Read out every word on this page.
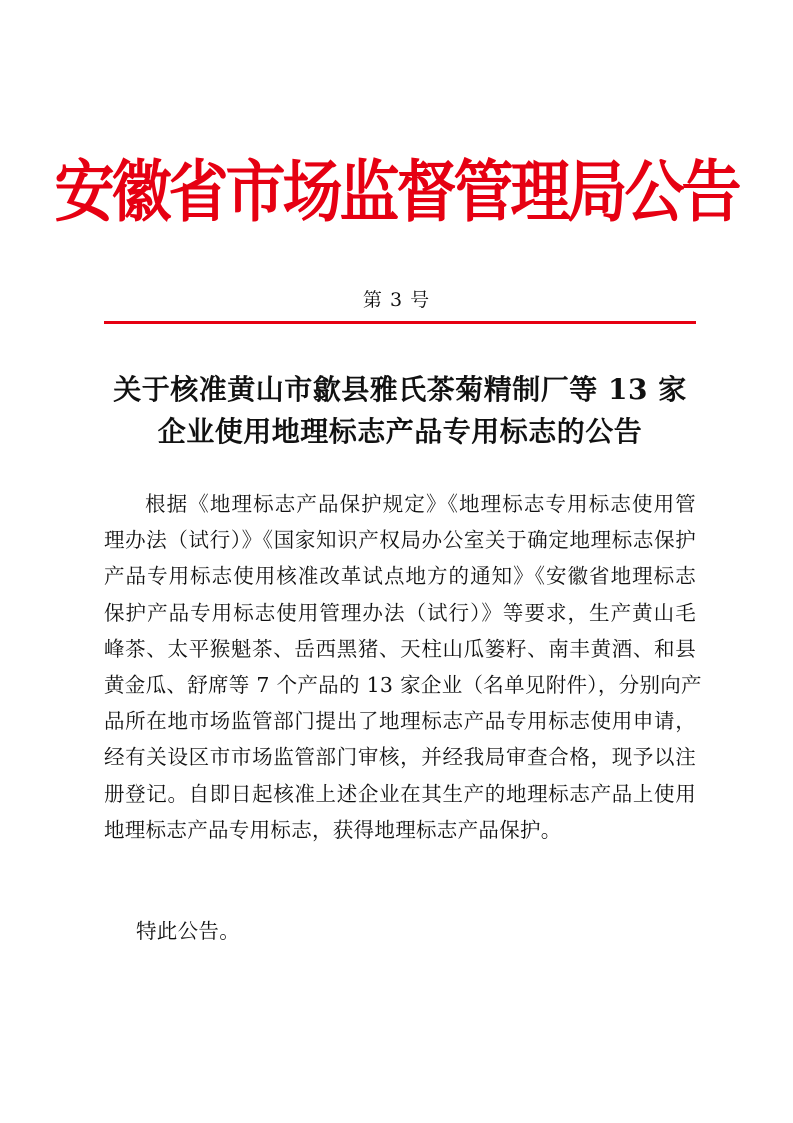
安徽省市场监督管理局公告
第 3 号
关于核准黄山市歙县雅氏茶菊精制厂等 13 家
企业使用地理标志产品专用标志的公告
根据《地理标志产品保护规定》《地理标志专用标志使用管
理办法（试行）》《国家知识产权局办公室关于确定地理标志保护
产品专用标志使用核准改革试点地方的通知》《安徽省地理标志
保护产品专用标志使用管理办法（试行）》等要求，生产黄山毛
峰茶、太平猴魁茶、岳西黑猪、天柱山瓜篓籽、南丰黄酒、和县
黄金瓜、舒席等 7 个产品的 13 家企业（名单见附件），分别向产
品所在地市场监管部门提出了地理标志产品专用标志使用申请，
经有关设区市市场监管部门审核，并经我局审查合格，现予以注
册登记。自即日起核准上述企业在其生产的地理标志产品上使用
地理标志产品专用标志，获得地理标志产品保护。
特此公告。
